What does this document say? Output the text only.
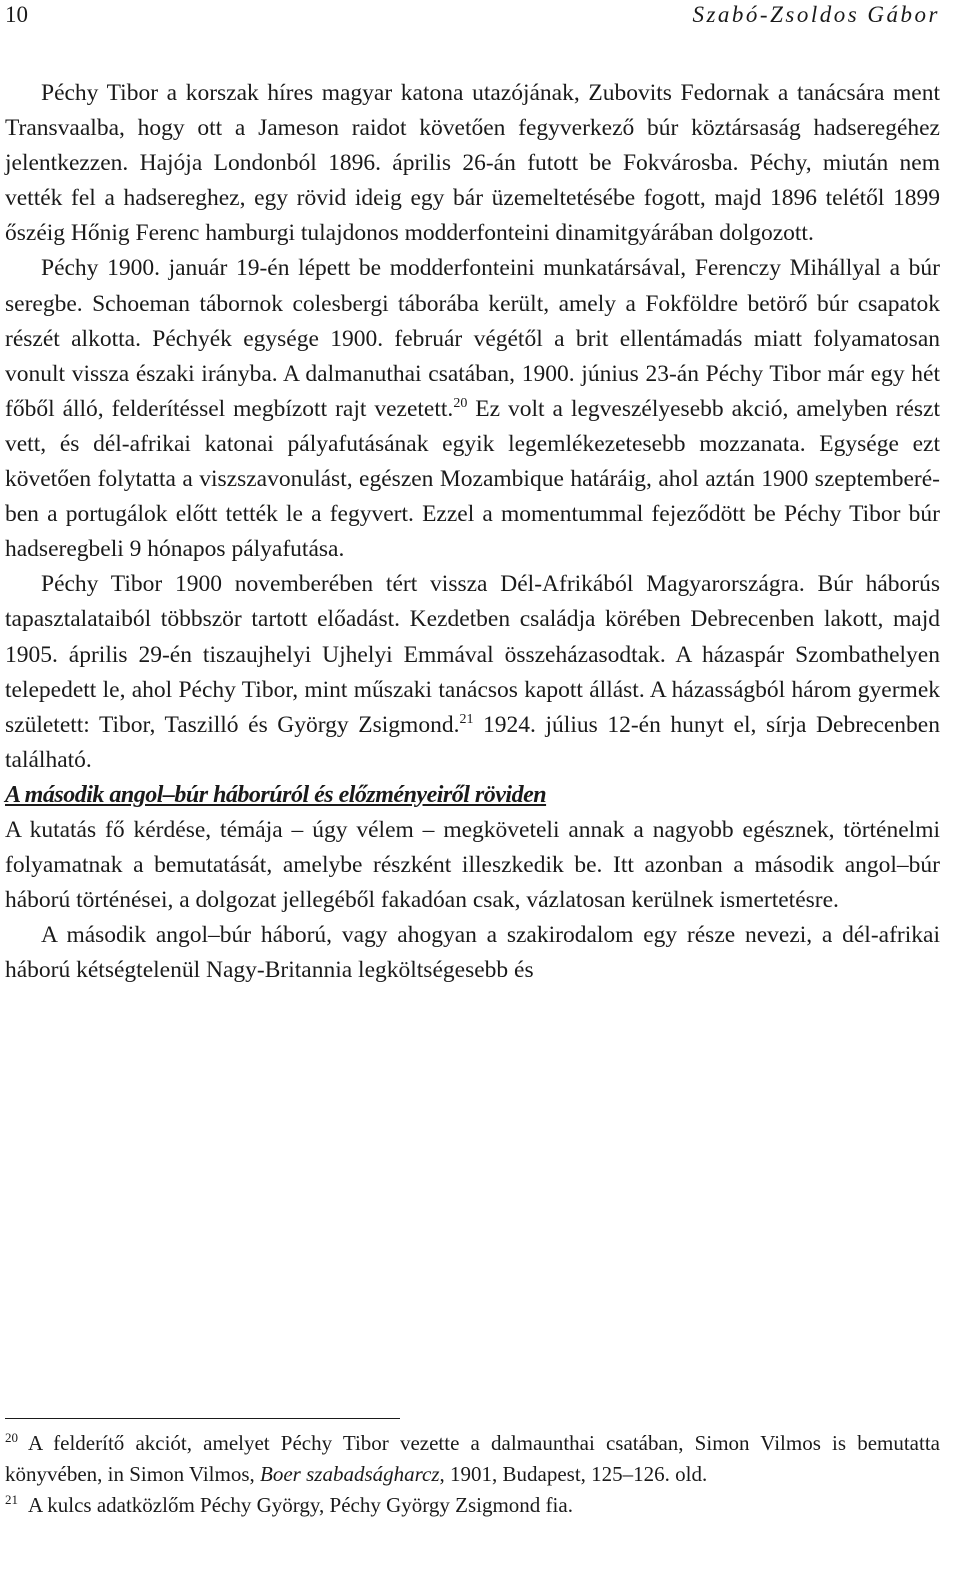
10	Szabó-Zsoldos Gábor

Péchy Tibor a korszak híres magyar katona utazójának, Zubovits Fedornak a tanácsára ment Transvaalba, hogy ott a Jameson raidot követően fegyverkező búr köztársaság hadseregéhez jelentkezzen. Hajója Londonból 1896. április 26-án futott be Fokvárosba. Péchy, miután nem vették fel a hadsereghez, egy rövid ideig egy bár üzemeltetésébe fogott, majd 1896 telétől 1899 őszéig Hőnig Ferenc hamburgi tulajdonos modderfonteini dinamitgyárában dolgozott.

Péchy 1900. január 19-én lépett be modderfonteini munkatársával, Ferenczy Mihállyal a búr seregbe. Schoeman tábornok colesbergi táborába került, amely a Fokföldre betörő búr csapatok részét alkotta. Péchyék egysége 1900. február végétől a brit ellentámadás miatt folyamatosan vonult vissza északi irányba. A dalmanuthai csatában, 1900. június 23-án Péchy Tibor már egy hét főből álló, felderítéssel megbízott rajt vezetett.$^{20}$ Ez volt a legveszélyesebb akció, amelyben részt vett, és dél-afrikai katonai pályafutásának egyik legemlékezetesebb mozzanata. Egysége ezt követően folytatta a viszszavonulást, egészen Mozambique határáig, ahol aztán 1900 szeptemberében a portugálok előtt tették le a fegyvert. Ezzel a momentummal fejeződött be Péchy Tibor búr hadseregbeli 9 hónapos pályafutása.

Péchy Tibor 1900 novemberében tért vissza Dél-Afrikából Magyarországra. Búr háborús tapasztalataiból többször tartott előadást. Kezdetben családja körében Debrecenben lakott, majd 1905. április 29-én tiszaujhelyi Ujhelyi Emmával összeházasodtak. A házaspár Szombathelyen telepedett le, ahol Péchy Tibor, mint műszaki tanácsos kapott állást. A házasságból három gyermek született: Tibor, Taszilló és György Zsigmond.$^{21}$ 1924. július 12-én hunyt el, sírja Debrecenben található.

A második angol–búr háborúról és előzményeiről röviden

A kutatás fő kérdése, témája – úgy vélem – megköveteli annak a nagyobb egésznek, történelmi folyamatnak a bemutatását, amelybe részként illeszkedik be. Itt azonban a második angol–búr háború történései, a dolgozat jellegéből fakadóan csak, vázlatosan kerülnek ismertetésre.

A második angol–búr háború, vagy ahogyan a szakirodalom egy része nevezi, a dél-afrikai háború kétségtelenül Nagy-Britannia legköltségesebb és

$^{20}$ A felderítő akciót, amelyet Péchy Tibor vezette a dalmaunthai csatában, Simon Vilmos is bemutatta könyvében, in Simon Vilmos, Boer szabadságharcz, 1901, Budapest, 125–126. old.

$^{21}$ A kulcs adatközlőm Péchy György, Péchy György Zsigmond fia.
